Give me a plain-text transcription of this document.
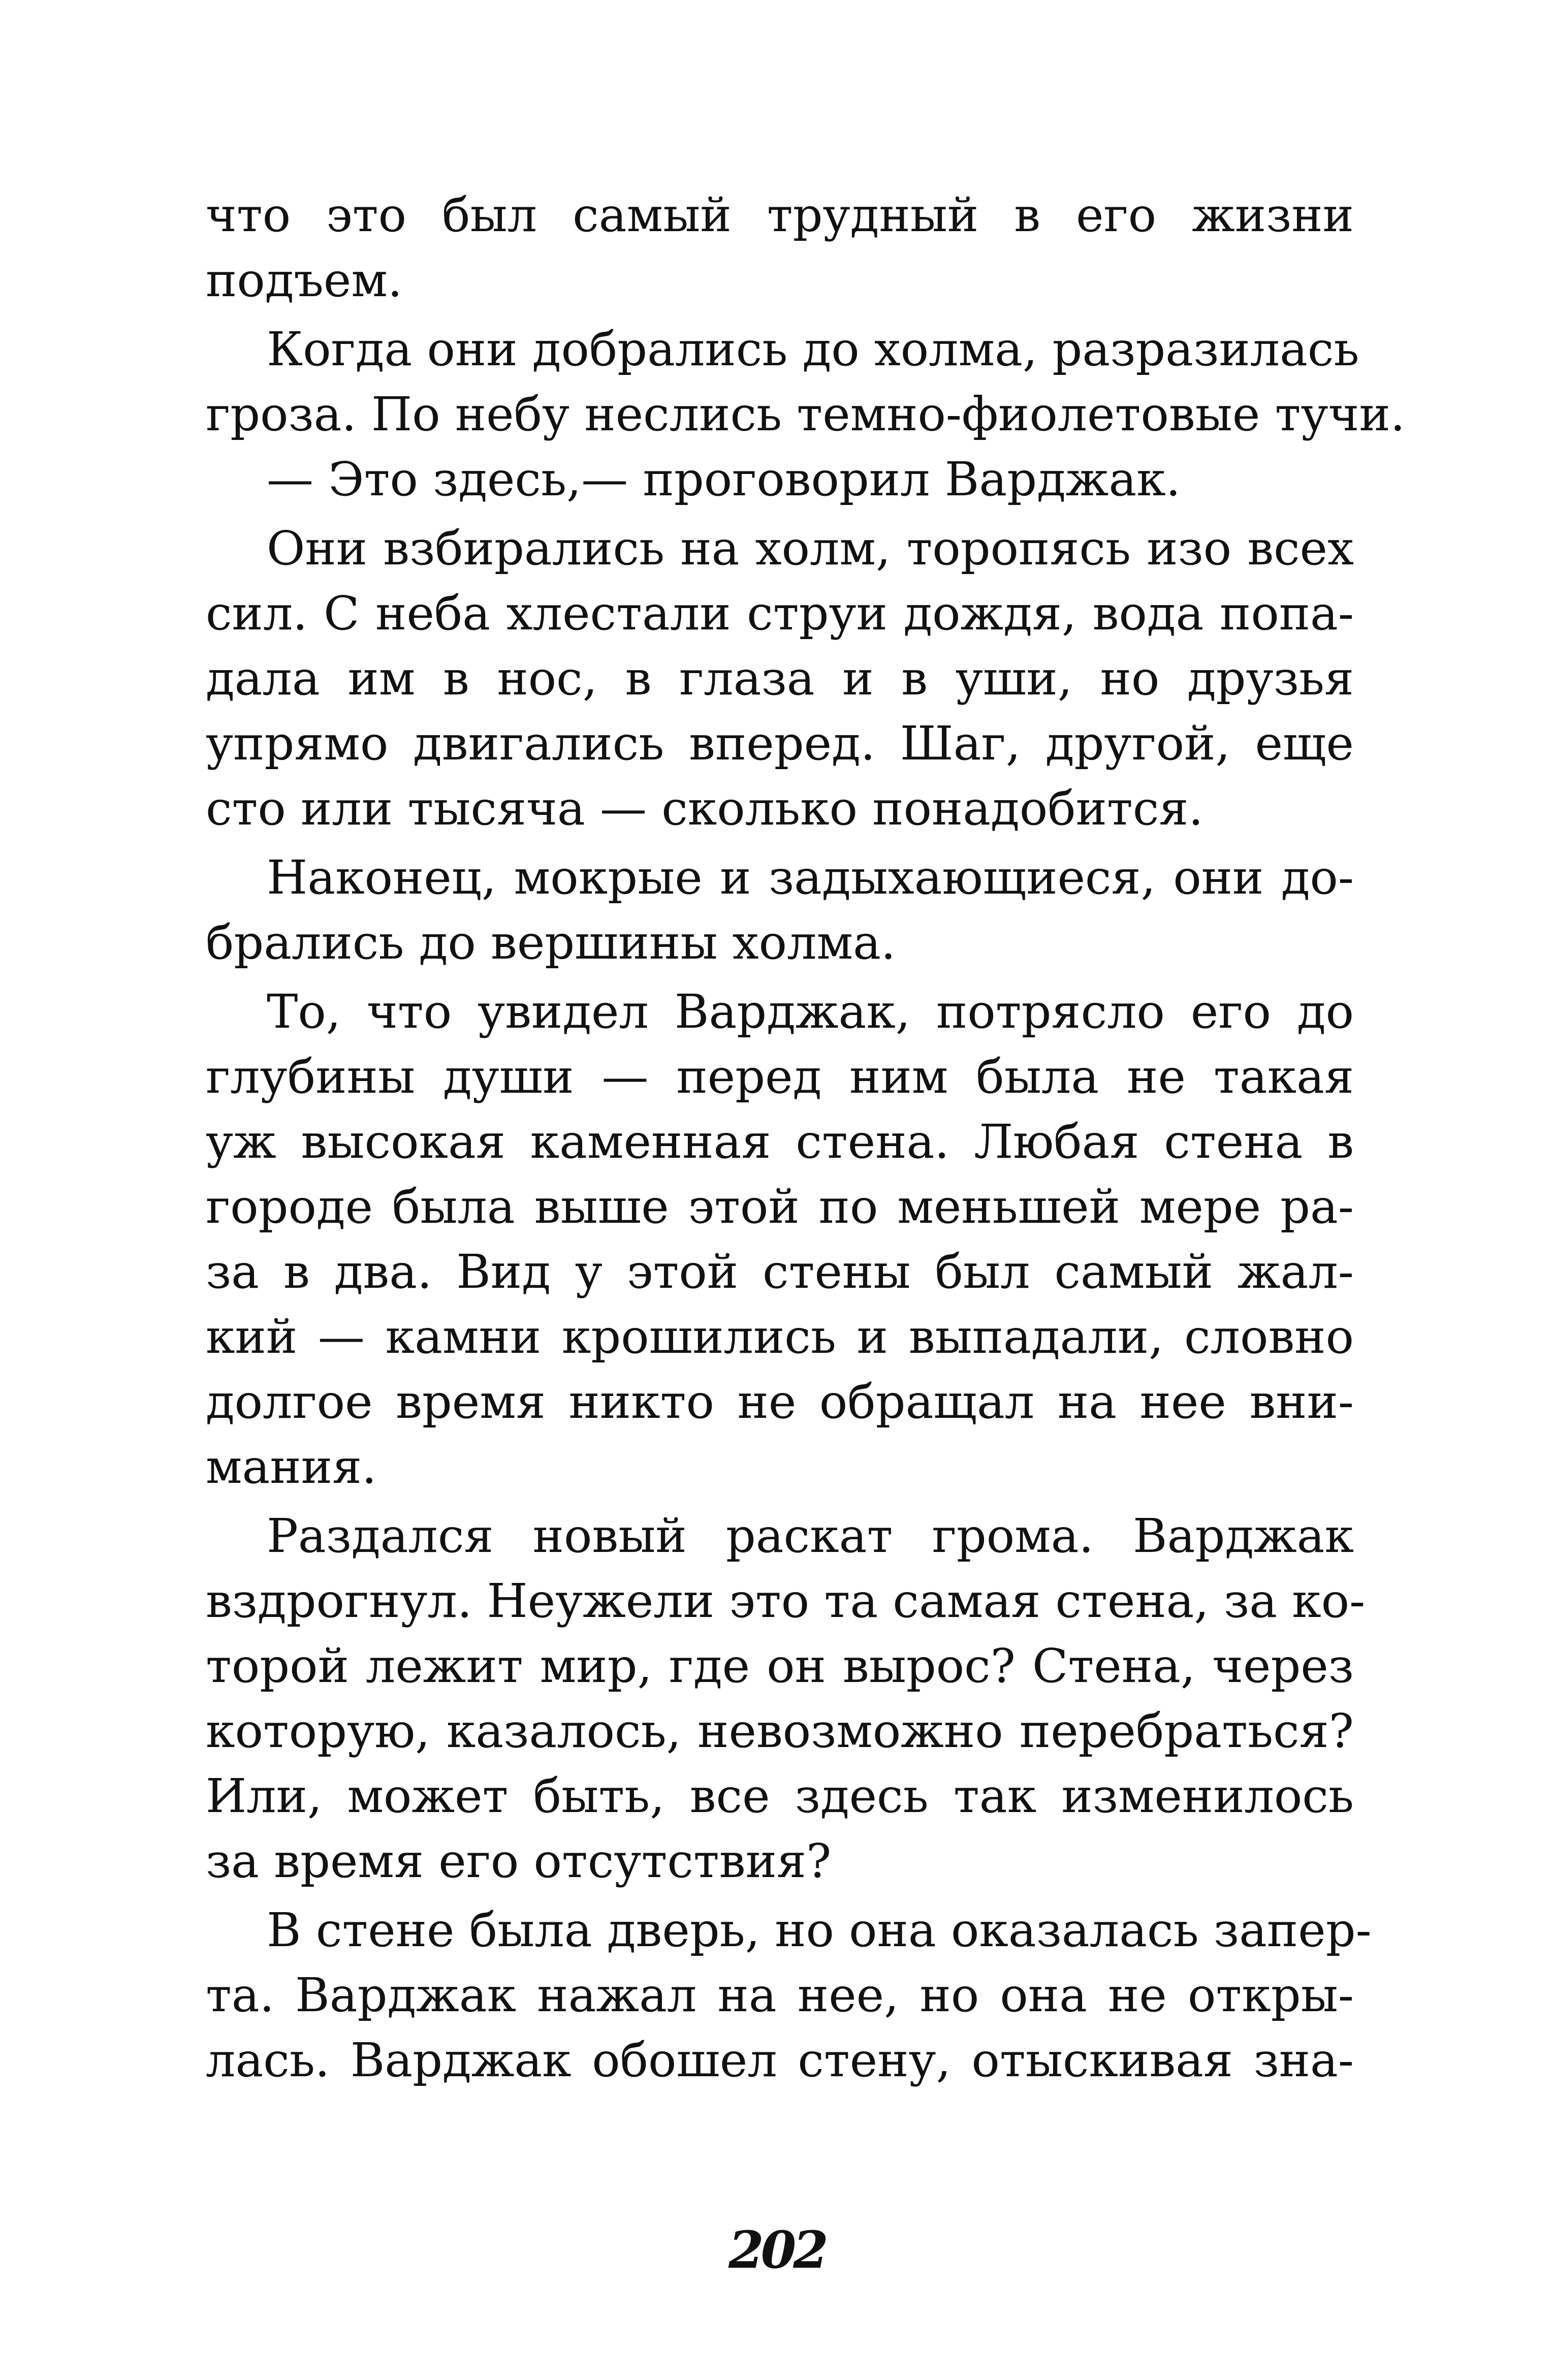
что это был самый трудный в его жизни
подъем.
Когда они добрались до холма, разразилась
гроза. По небу неслись темно-фиолетовые тучи.
— Это здесь,— проговорил Варджак.
Они взбирались на холм, торопясь изо всех
сил. С неба хлестали струи дождя, вода попа-
дала им в нос, в глаза и в уши, но друзья
упрямо двигались вперед. Шаг, другой, еще
сто или тысяча — сколько понадобится.
Наконец, мокрые и задыхающиеся, они до-
брались до вершины холма.
То, что увидел Варджак, потрясло его до
глубины души — перед ним была не такая
уж высокая каменная стена. Любая стена в
городе была выше этой по меньшей мере ра-
за в два. Вид у этой стены был самый жал-
кий — камни крошились и выпадали, словно
долгое время никто не обращал на нее вни-
мания.
Раздался новый раскат грома. Варджак
вздрогнул. Неужели это та самая стена, за ко-
торой лежит мир, где он вырос? Стена, через
которую, казалось, невозможно перебраться?
Или, может быть, все здесь так изменилось
за время его отсутствия?
В стене была дверь, но она оказалась запер-
та. Варджак нажал на нее, но она не откры-
лась. Варджак обошел стену, отыскивая зна-
202
